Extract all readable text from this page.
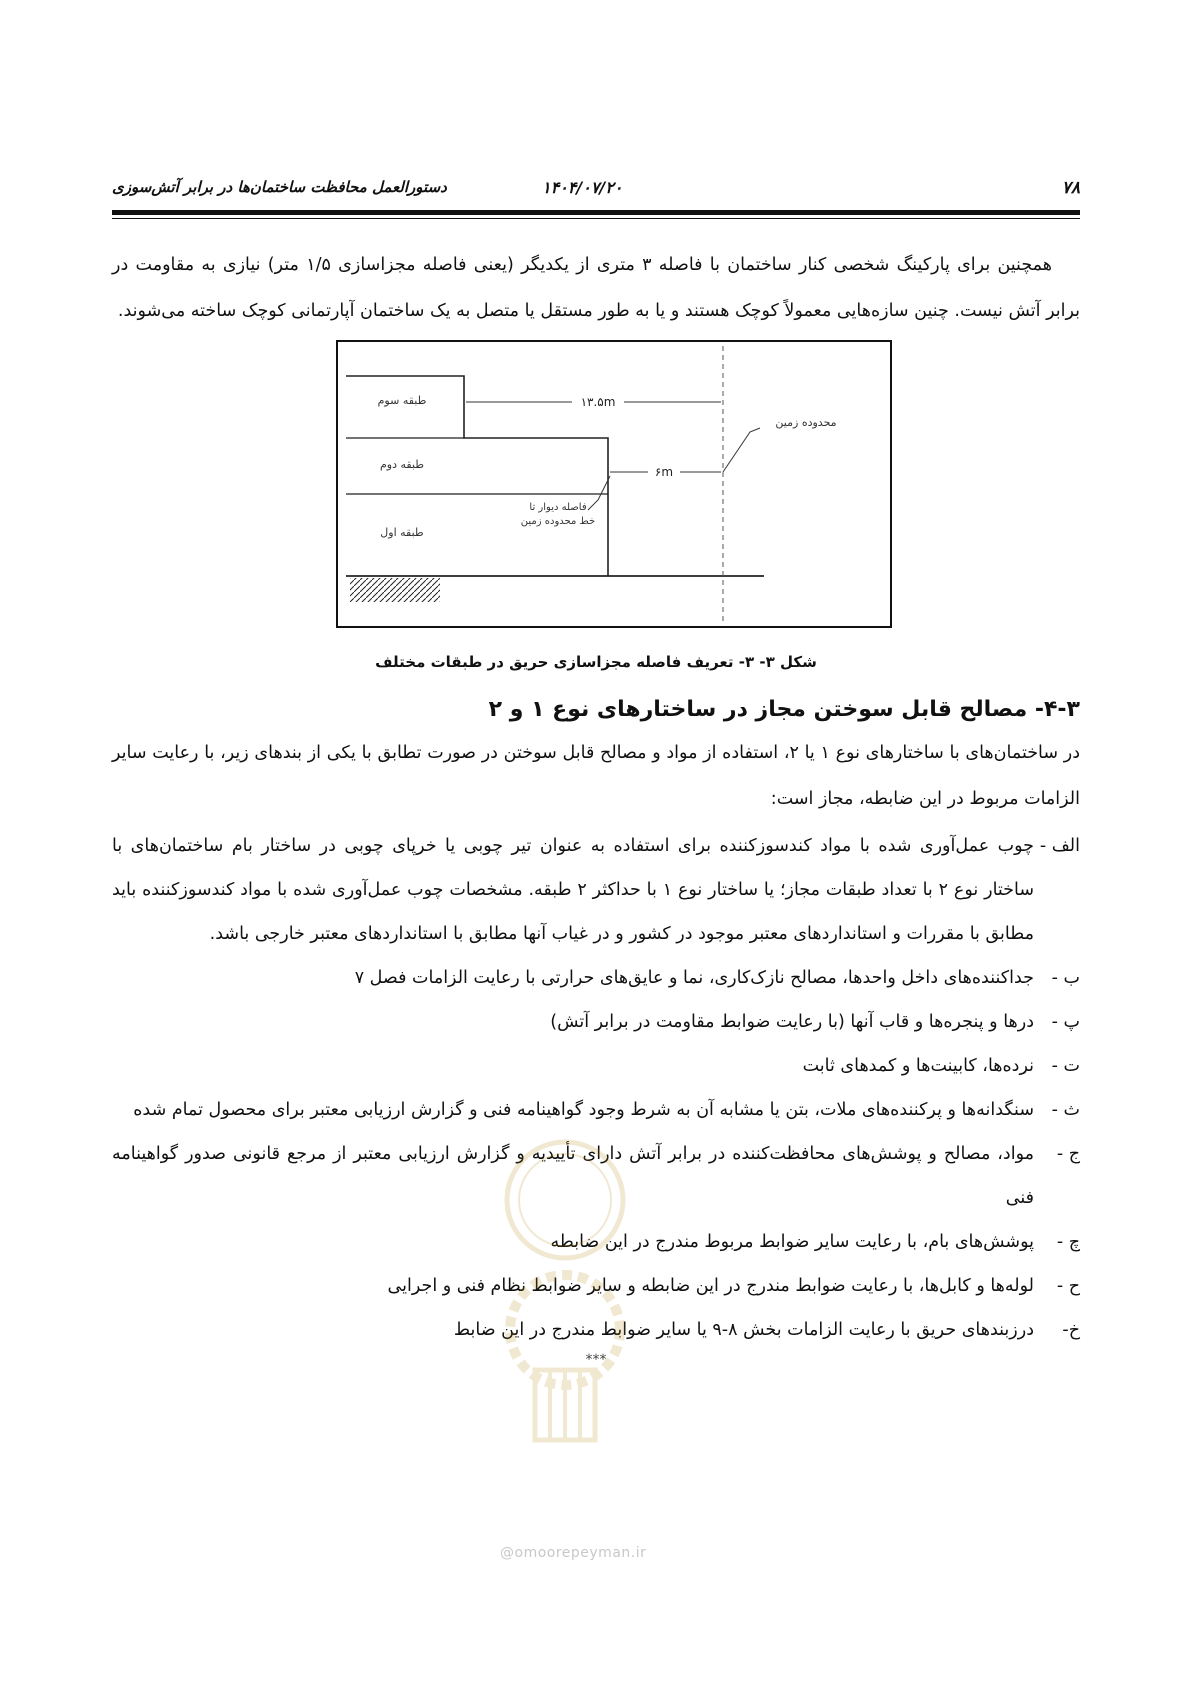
۷۸
۱۴۰۴/۰۷/۲۰
دستورالعمل محافظت ساختمان‌ها در برابر آتش‌سوزی

همچنین برای پارکینگ شخصی کنار ساختمان با فاصله ۳ متری از یکدیگر (یعنی فاصله مجزاسازی ۱/۵ متر) نیازی به مقاومت در برابر آتش نیست. چنین سازه‌هایی معمولاً کوچک هستند و یا به طور مستقل یا متصل به یک ساختمان آپارتمانی کوچک ساخته می‌شوند.

طبقه سوم
طبقه دوم
طبقه اول
۱۳.۵m
۶m
محدوده زمین
فاصله دیوار تا
خط محدوده زمین
شکل ۳- ۳- تعریف فاصله مجزاسازی حریق در طبقات مختلف
۴-۳- مصالح قابل سوختن مجاز در ساختارهای نوع ۱ و ۲

در ساختمان‌های با ساختارهای نوع ۱ یا ۲، استفاده از مواد و مصالح قابل سوختن در صورت تطابق با یکی از بندهای زیر، با رعایت سایر الزامات مربوط در این ضابطه، مجاز است:

الف -
چوب عمل‌آوری شده با مواد کندسوزکننده برای استفاده به عنوان تیر چوبی یا خرپای چوبی در ساختار بام ساختمان‌های با ساختار نوع ۲ با تعداد طبقات مجاز؛ یا ساختار نوع ۱ با حداکثر ۲ طبقه. مشخصات چوب عمل‌آوری شده با مواد کندسوزکننده باید مطابق با مقررات و استانداردهای معتبر موجود در کشور و در غیاب آنها مطابق با استانداردهای معتبر خارجی باشد.
ب -
جداکننده‌های داخل واحدها، مصالح نازک‌کاری، نما و عایق‌های حرارتی با رعایت الزامات فصل ۷
پ -
درها و پنجره‌ها و قاب آنها (با رعایت ضوابط مقاومت در برابر آتش)
ت -
نرده‌ها، کابینت‌ها و کمدهای ثابت
ث -
سنگدانه‌ها و پرکننده‌های ملات، بتن یا مشابه آن به شرط وجود گواهینامه فنی و گزارش ارزیابی معتبر برای محصول تمام شده
ج -
مواد، مصالح و پوشش‌های محافظت‌کننده در برابر آتش دارای تأییدیه و گزارش ارزیابی معتبر از مرجع قانونی صدور گواهینامه فنی
چ -
پوشش‌های بام، با رعایت سایر ضوابط مربوط مندرج در این ضابطه
ح -
لوله‌ها و کابل‌ها، با رعایت ضوابط مندرج در این ضابطه و سایر ضوابط نظام فنی و اجرایی
خ-
درزبندهای حریق با رعایت الزامات بخش ۸-۹ یا سایر ضوابط مندرج در این ضابط
***
@omoorepeyman.ir
